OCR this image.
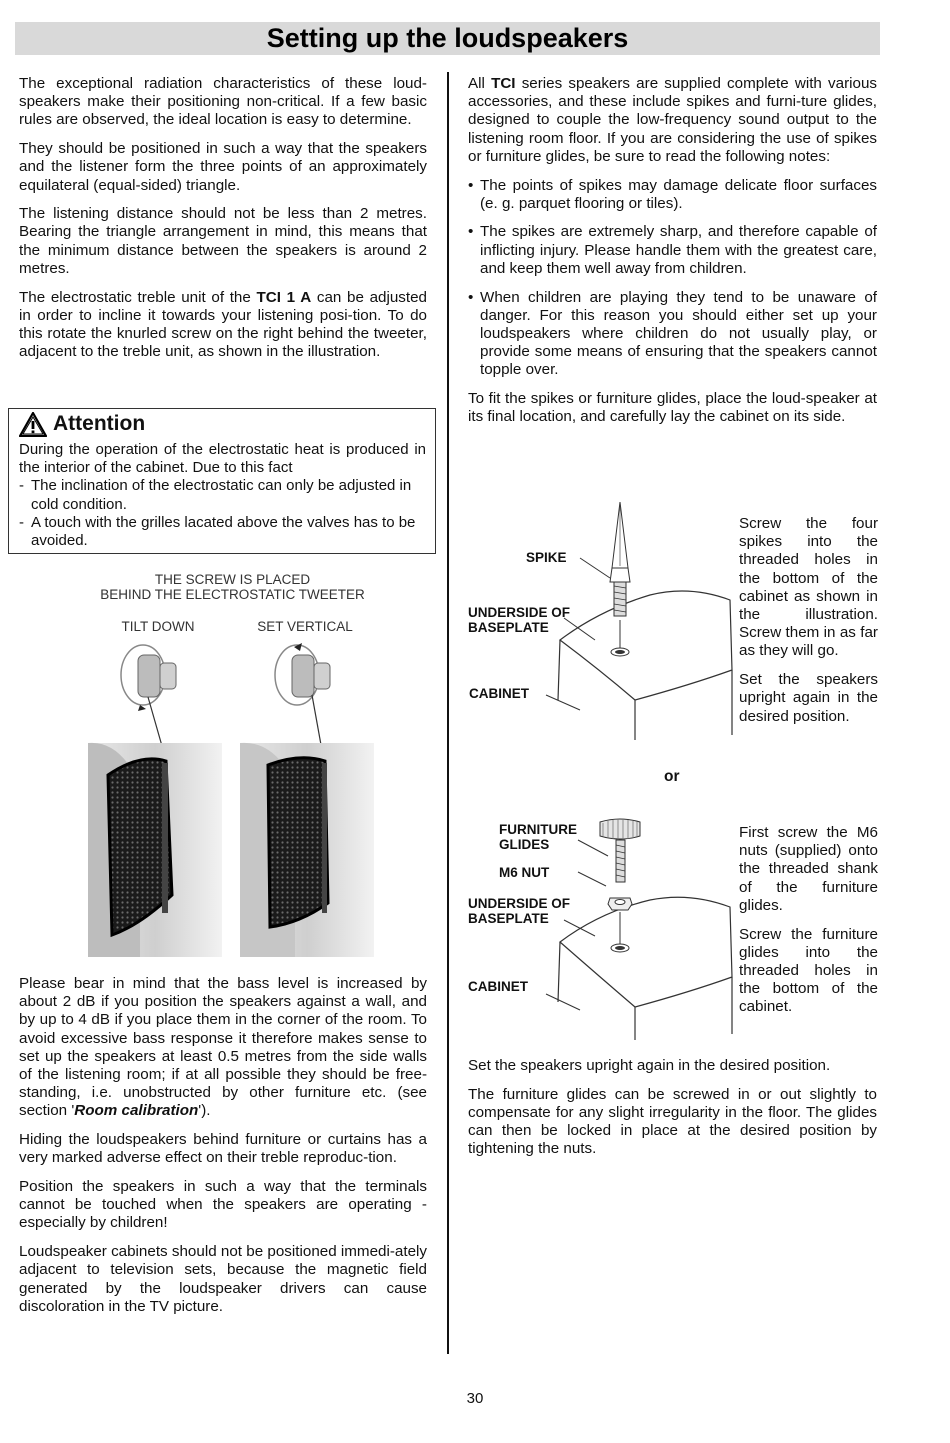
Setting up the loudspeakers

The exceptional radiation characteristics of these loud-speakers make their positioning non-critical. If a few basic rules are observed, the ideal location is easy to determine.

They should be positioned in such a way that the speakers and the listener form the three points of an approximately equilateral (equal-sided) triangle.

The listening distance should not be less than 2 metres. Bearing the triangle arrangement in mind, this means that the minimum distance between the speakers is around 2 metres.

The electrostatic treble unit of the TCI 1 A can be adjusted in order to incline it towards your listening posi-tion. To do this rotate the knurled screw on the right behind the tweeter, adjacent to the treble unit, as shown in the illustration.

Attention

During the operation of the electrostatic heat is produced in the interior of the cabinet. Due to this fact

- The inclination of the electrostatic can only be adjusted in cold condition.
- A touch with the grilles lacated above the valves has to be avoided.
THE SCREW IS PLACED
BEHIND THE ELECTROSTATIC TWEETER
TILT DOWN	SET VERTICAL

Please bear in mind that the bass level is increased by about 2 dB if you position the speakers against a wall, and by up to 4 dB if you place them in the corner of the room. To avoid excessive bass response it therefore makes sense to set up the speakers at least 0.5 metres from the side walls of the listening room; if at all possible they should be free-standing, i.e. unobstructed by other furniture etc. (see section 'Room calibration').

Hiding the loudspeakers behind furniture or curtains has a very marked adverse effect on their treble reproduc-tion.

Position the speakers in such a way that the terminals cannot be touched when the speakers are operating - especially by children!

Loudspeaker cabinets should not be positioned immedi-ately adjacent to television sets, because the magnetic field generated by the loudspeaker drivers can cause discoloration in the TV picture.

All TCI series speakers are supplied complete with various accessories, and these include spikes and furni-ture glides, designed to couple the low-frequency sound output to the listening room floor. If you are considering the use of spikes or furniture glides, be sure to read the following notes:

• The points of spikes may damage delicate floor surfaces (e. g. parquet flooring or tiles).
• The spikes are extremely sharp, and therefore capable of inflicting injury. Please handle them with the greatest care, and keep them well away from children.
• When children are playing they tend to be unaware of danger. For this reason you should either set up your loudspeakers where children do not usually play, or provide some means of ensuring that the speakers cannot topple over.

To fit the spikes or furniture glides, place the loud-speaker at its final location, and carefully lay the cabinet on its side.

SPIKE
UNDERSIDE OF
BASEPLATE
CABINET

Screw the four spikes into the threaded holes in the bottom of the cabinet as shown in the illustration. Screw them in as far as they will go.

Set the speakers upright again in the desired position.

or
FURNITURE
GLIDES
M6 NUT
UNDERSIDE OF
BASEPLATE
CABINET

First screw the M6 nuts (supplied) onto the threaded shank of the furniture glides.

Screw the furniture glides into the threaded holes in the bottom of the cabinet.

Set the speakers upright again in the desired position.

The furniture glides can be screwed in or out slightly to compensate for any slight irregularity in the floor. The glides can then be locked in place at the desired position by tightening the nuts.

30
